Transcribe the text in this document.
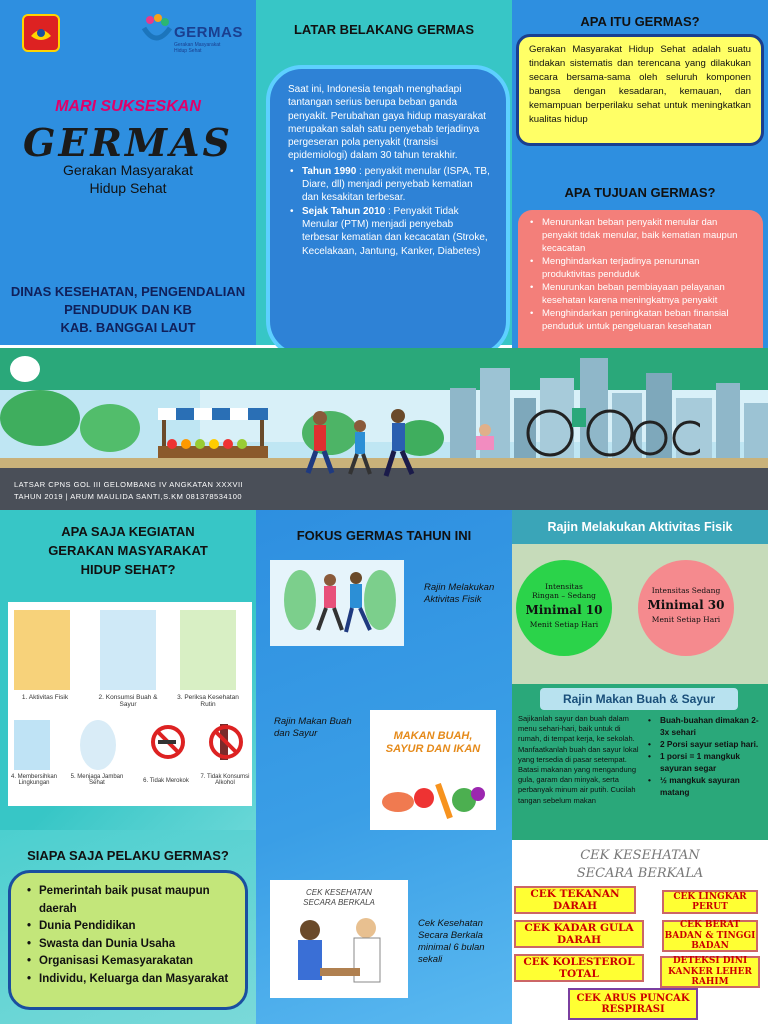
GERMAS
Gerakan Masyarakat Hidup Sehat
MARI SUKSESKAN
GERMAS
Gerakan Masyarakat
Hidup Sehat
DINAS KESEHATAN, PENGENDALIAN
PENDUDUK DAN KB
KAB. BANGGAI LAUT
LATAR BELAKANG GERMAS
Saat ini, Indonesia tengah menghadapi tantangan serius berupa beban ganda penyakit. Perubahan gaya hidup masyarakat merupakan salah satu penyebab terjadinya pergeseran pola penyakit (transisi epidemiologi) dalam 30 tahun terakhir.
• Tahun 1990 : penyakit menular (ISPA, TB, Diare, dll) menjadi penyebab kematian dan kesakitan terbesar.
• Sejak Tahun 2010 : Penyakit Tidak Menular (PTM) menjadi penyebab terbesar kematian dan kecacatan (Stroke, Kecelakaan, Jantung, Kanker, Diabetes)
APA ITU GERMAS?
Gerakan Masyarakat Hidup Sehat adalah suatu tindakan sistematis dan terencana yang dilakukan secara bersama-sama oleh seluruh komponen bangsa dengan kesadaran, kemauan, dan kemampuan berperilaku sehat untuk meningkatkan kualitas hidup
APA TUJUAN GERMAS?
• Menurunkan beban penyakit menular dan penyakit tidak menular, baik kematian maupun kecacatan
• Menghindarkan terjadinya penurunan produktivitas penduduk
• Menurunkan beban pembiayaan pelayanan kesehatan karena meningkatnya penyakit
• Menghindarkan peningkatan beban finansial penduduk untuk pengeluaran kesehatan
LATSAR CPNS GOL III GELOMBANG IV ANGKATAN XXXVII
TAHUN 2019 | ARUM MAULIDA SANTI,S.KM 081378534100
APA SAJA KEGIATAN
GERAKAN MASYARAKAT
HIDUP SEHAT?
1. Aktivitas Fisik	2. Konsumsi Buah & Sayur
3. Periksa Kesehatan Rutin
4. Membersihkan Lingkungan
5. Menjaga Jamban Sehat	6. Tidak Merokok
7. Tidak Konsumsi Alkohol
FOKUS GERMAS TAHUN INI
Rajin Melakukan Aktivitas Fisik
Rajin Makan Buah dan Sayur	MAKAN BUAH, SAYUR DAN IKAN
CEK KESEHATAN SECARA BERKALA
Cek Kesehatan Secara Berkala minimal 6 bulan sekali
Rajin Melakukan Aktivitas Fisik
Intensitas
Ringan – Sedang
Minimal 10
Menit Setiap Hari
Intensitas Sedang
Minimal 30
Menit Setiap Hari
Rajin Makan Buah & Sayur
Sajikanlah sayur dan buah dalam menu sehari-hari, baik untuk di rumah, di tempat kerja, ke sekolah. Manfaatkanlah buah dan sayur lokal yang tersedia di pasar setempat. Batasi makanan yang mengandung gula, garam dan minyak, serta perbanyak minum air putih. Cucilah tangan sebelum makan
• Buah-buahan dimakan 2-3x sehari
• 2 Porsi sayur setiap hari.
• 1 porsi = 1 mangkuk sayuran segar
• ½ mangkuk sayuran matang
SIAPA SAJA PELAKU GERMAS?
• Pemerintah baik pusat maupun daerah
• Dunia Pendidikan
• Swasta dan Dunia Usaha
• Organisasi Kemasyarakatan
• Individu, Keluarga dan Masyarakat
CEK KESEHATAN
SECARA BERKALA
CEK TEKANAN DARAH
CEK LINGKAR PERUT
CEK KADAR GULA DARAH
CEK BERAT BADAN & TINGGI BADAN
CEK KOLESTEROL TOTAL
DETEKSI DINI KANKER LEHER RAHIM
CEK ARUS PUNCAK RESPIRASI
